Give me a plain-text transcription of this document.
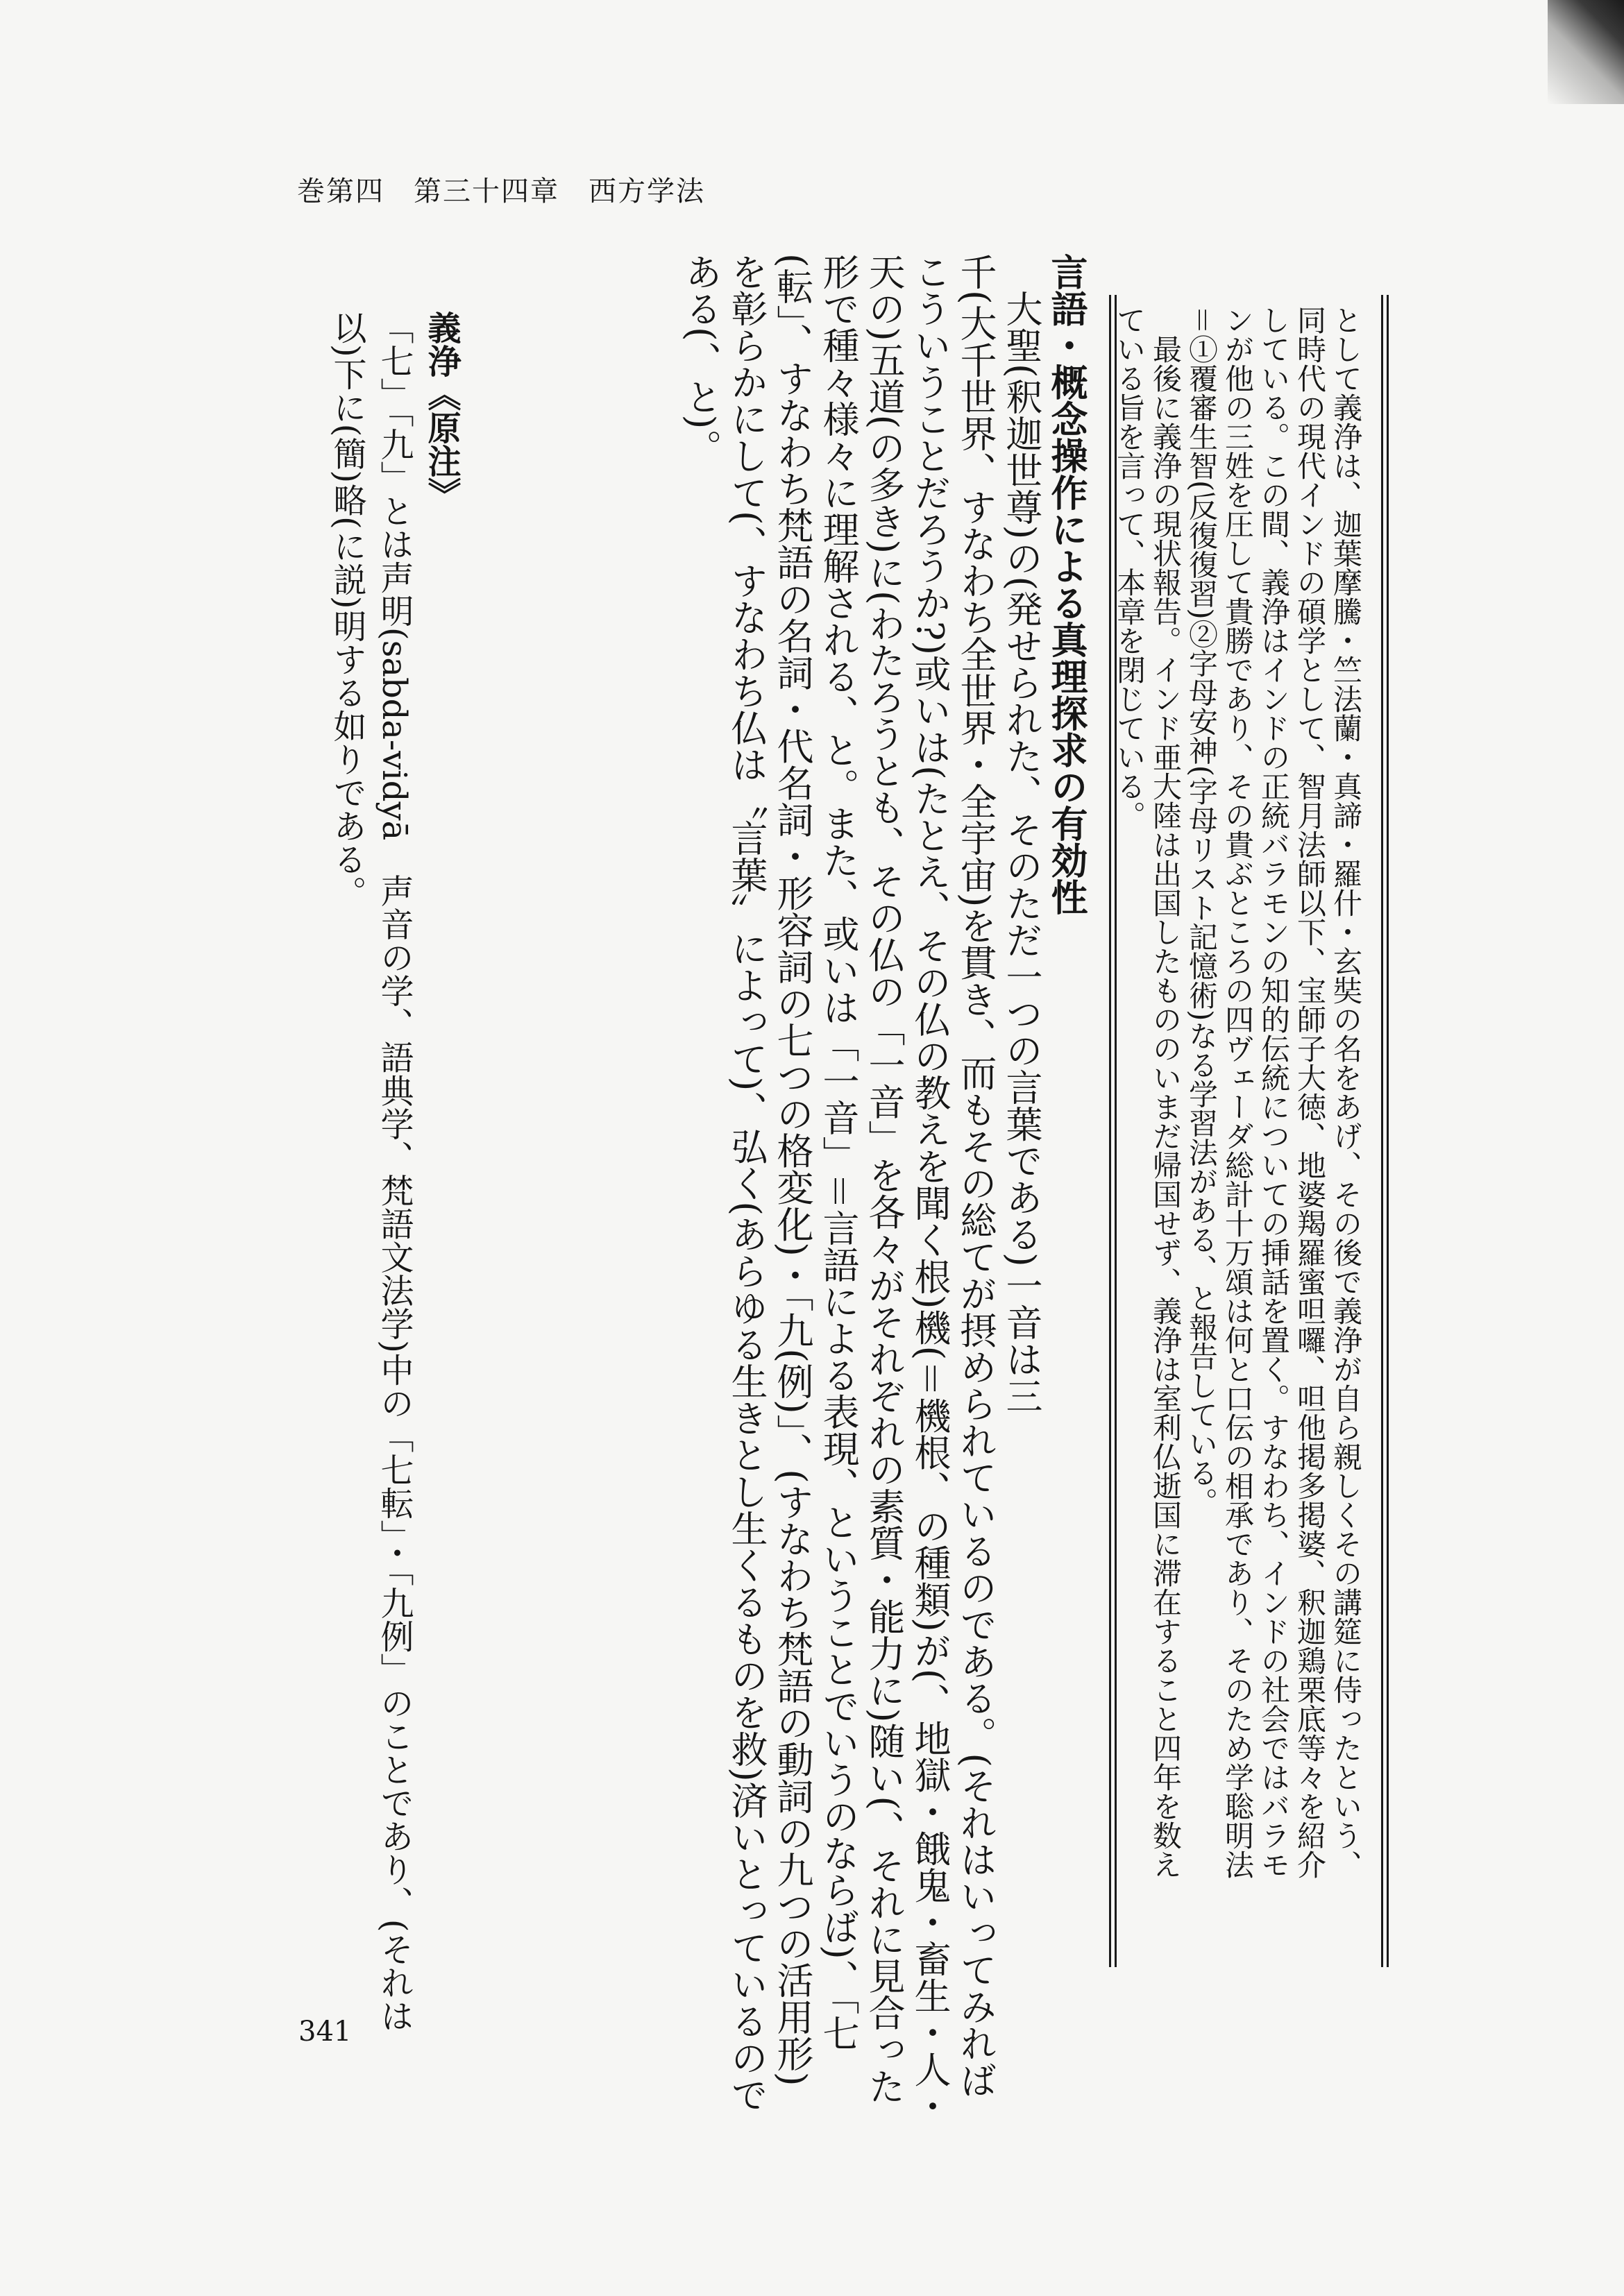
巻第四　第三十四章　西方学法
として義浄は、迦葉摩騰・竺法蘭・真諦・羅什・玄奘の名をあげ、その後で義浄が自ら親しくその講筵に侍ったという、
同時代の現代インドの碩学として、智月法師以下、宝師子大徳、地婆羯羅蜜呾囉、呾他掲多掲婆、釈迦鶏栗底等々を紹介
している。この間、義浄はインドの正統バラモンの知的伝統についての挿話を置く。すなわち、インドの社会ではバラモ
ンが他の三姓を圧して貴勝であり、その貴ぶところの四ヴェーダ総計十万頌は何と口伝の相承であり、そのため学聡明法
＝①覆審生智(反復復習)②字母安神(字母リスト記憶術)なる学習法がある、と報告している。
　最後に義浄の現状報告。インド亜大陸は出国したもののいまだ帰国せず、義浄は室利仏逝国に滞在すること四年を数え
ている旨を言って、本章を閉じている。
言語・概念操作による真理探求の有効性
　大聖(釈迦世尊)の(発せられた、そのただ一つの言葉である)一音は三
千(大千世界、すなわち全世界・全宇宙)を貫き、而もその総てが摂められているのである。(それはいってみれば
こういうことだろうか?)或いは(たとえ、その仏の教えを聞く根)機(＝機根、の種類)が(、地獄・餓鬼・畜生・人・
天の)五道(の多き)に(わたろうとも、その仏の「一音」を各々がそれぞれの素質・能力に)随い(、それに見合った
形で種々様々に理解される、と。また、或いは「一音」＝言語による表現、ということでいうのならば)、「七
(転」、すなわち梵語の名詞・代名詞・形容詞の七つの格変化)・「九(例)」、(すなわち梵語の動詞の九つの活用形)
を彰らかにして(、すなわち仏は〝言葉〟によって)、弘く(あらゆる生きとし生くるものを救)済いとっているので
ある(、と)。
義浄《原注》
「七」「九」とは声明(sabda-vidyā　声音の学、語典学、梵語文法学)中の「七転」・「九例」のことであり、(それは
以)下に(簡)略(に説)明する如りである。
341
